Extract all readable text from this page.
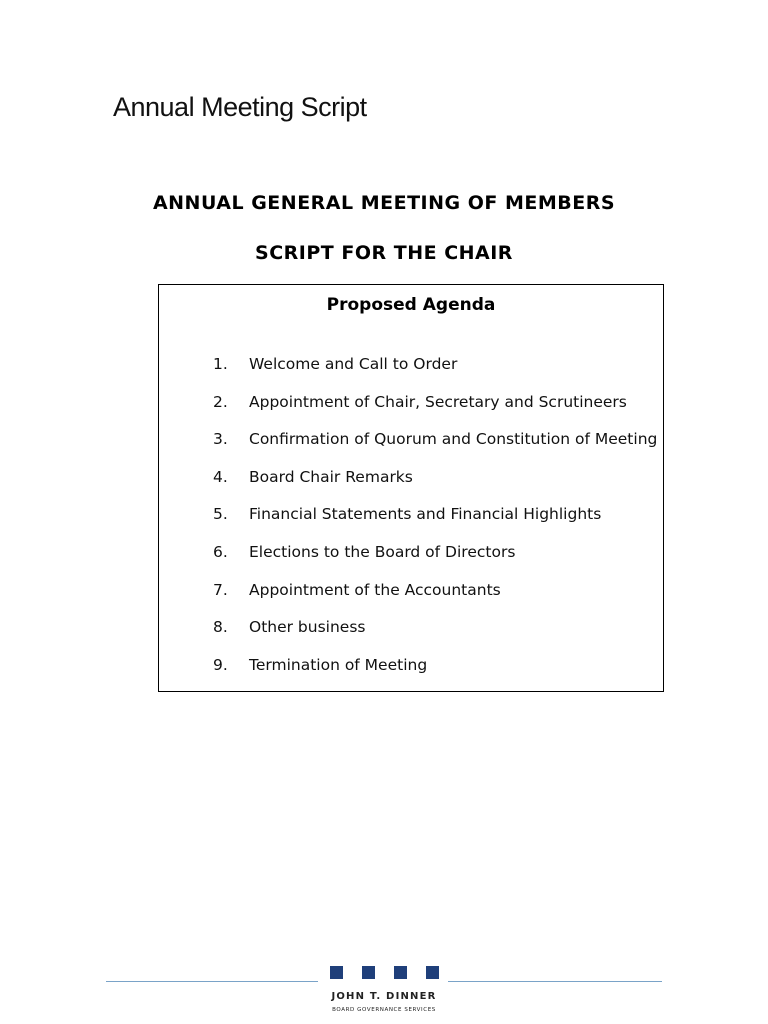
Annual Meeting Script
ANNUAL GENERAL MEETING OF MEMBERS
SCRIPT FOR THE CHAIR
Proposed Agenda
1. Welcome and Call to Order
2. Appointment of Chair, Secretary and Scrutineers
3. Confirmation of Quorum and Constitution of Meeting
4. Board Chair Remarks
5. Financial Statements and Financial Highlights
6. Elections to the Board of Directors
7. Appointment of the Accountants
8. Other business
9. Termination of Meeting
JOHN T. DINNER
BOARD GOVERNANCE SERVICES
